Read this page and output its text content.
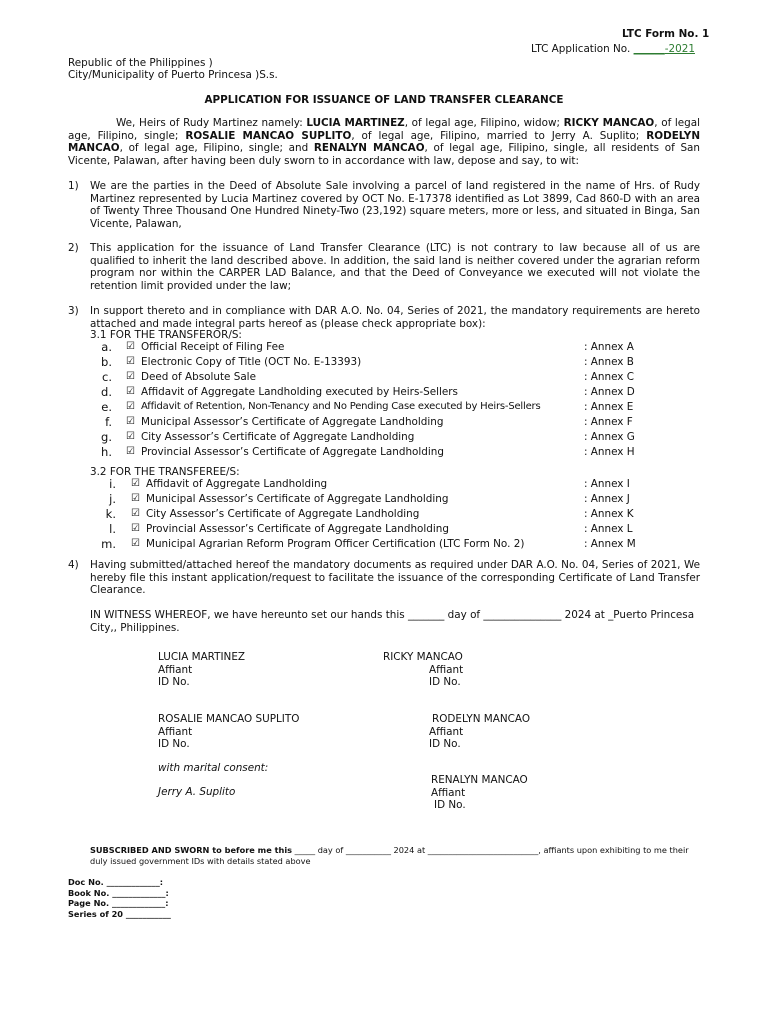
LTC Form No. 1
LTC Application No. ______-2021
Republic of the Philippines )
City/Municipality of Puerto Princesa )S.s.
APPLICATION FOR ISSUANCE OF LAND TRANSFER CLEARANCE
We, Heirs of Rudy Martinez namely: LUCIA MARTINEZ, of legal age, Filipino, widow; RICKY MANCAO, of legal age, Filipino, single; ROSALIE MANCAO SUPLITO, of legal age, Filipino, married to Jerry A. Suplito; RODELYN MANCAO, of legal age, Filipino, single; and RENALYN MANCAO, of legal age, Filipino, single, all residents of San Vicente, Palawan, after having been duly sworn to in accordance with law, depose and say, to wit:
1) We are the parties in the Deed of Absolute Sale involving a parcel of land registered in the name of Hrs. of Rudy Martinez represented by Lucia Martinez covered by OCT No. E-17378 identified as Lot 3899, Cad 860-D with an area of Twenty Three Thousand One Hundred Ninety-Two (23,192) square meters, more or less, and situated in Binga, San Vicente, Palawan,
2) This application for the issuance of Land Transfer Clearance (LTC) is not contrary to law because all of us are qualified to inherit the land described above. In addition, the said land is neither covered under the agrarian reform program nor within the CARPER LAD Balance, and that the Deed of Conveyance we executed will not violate the retention limit provided under the law;
3) In support thereto and in compliance with DAR A.O. No. 04, Series of 2021, the mandatory requirements are hereto attached and made integral parts hereof as (please check appropriate box):
3.1 FOR THE TRANSFEROR/S:
a. ☑ Official Receipt of Filing Fee	: Annex A
b. ☑ Electronic Copy of Title (OCT No. E-13393)	: Annex B
c. ☑ Deed of Absolute Sale	: Annex C
d. ☑ Affidavit of Aggregate Landholding executed by Heirs-Sellers	: Annex D
e. ☑ Affidavit of Retention, Non-Tenancy and No Pending Case executed by Heirs-Sellers	: Annex E
f. ☑ Municipal Assessor’s Certificate of Aggregate Landholding	: Annex F
g. ☑ City Assessor’s Certificate of Aggregate Landholding	: Annex G
h. ☑ Provincial Assessor’s Certificate of Aggregate Landholding	: Annex H
3.2 FOR THE TRANSFEREE/S:
i. ☑ Affidavit of Aggregate Landholding	: Annex I
j. ☑ Municipal Assessor’s Certificate of Aggregate Landholding	: Annex J
k. ☑ City Assessor’s Certificate of Aggregate Landholding	: Annex K
l. ☑ Provincial Assessor’s Certificate of Aggregate Landholding	: Annex L
m. ☑ Municipal Agrarian Reform Program Officer Certification (LTC Form No. 2)	: Annex M
4) Having submitted/attached hereof the mandatory documents as required under DAR A.O. No. 04, Series of 2021, We hereby file this instant application/request to facilitate the issuance of the corresponding Certificate of Land Transfer Clearance.
IN WITNESS WHEREOF, we have hereunto set our hands this _______ day of _______________ 2024 at _Puerto Princesa City,, Philippines.
LUCIA MARTINEZ
Affiant
ID No.
RICKY MANCAO
Affiant
ID No.
ROSALIE MANCAO SUPLITO
Affiant
ID No.
RODELYN MANCAO
Affiant
ID No.
with marital consent:
Jerry A. Suplito
RENALYN MANCAO
Affiant
ID No.
SUBSCRIBED AND SWORN to before me this _____ day of ___________ 2024 at ___________________________, affiants upon exhibiting to me their duly issued government IDs with details stated above
Doc No. _____________:
Book No. _____________:
Page No. _____________:
Series of 20 ___________
